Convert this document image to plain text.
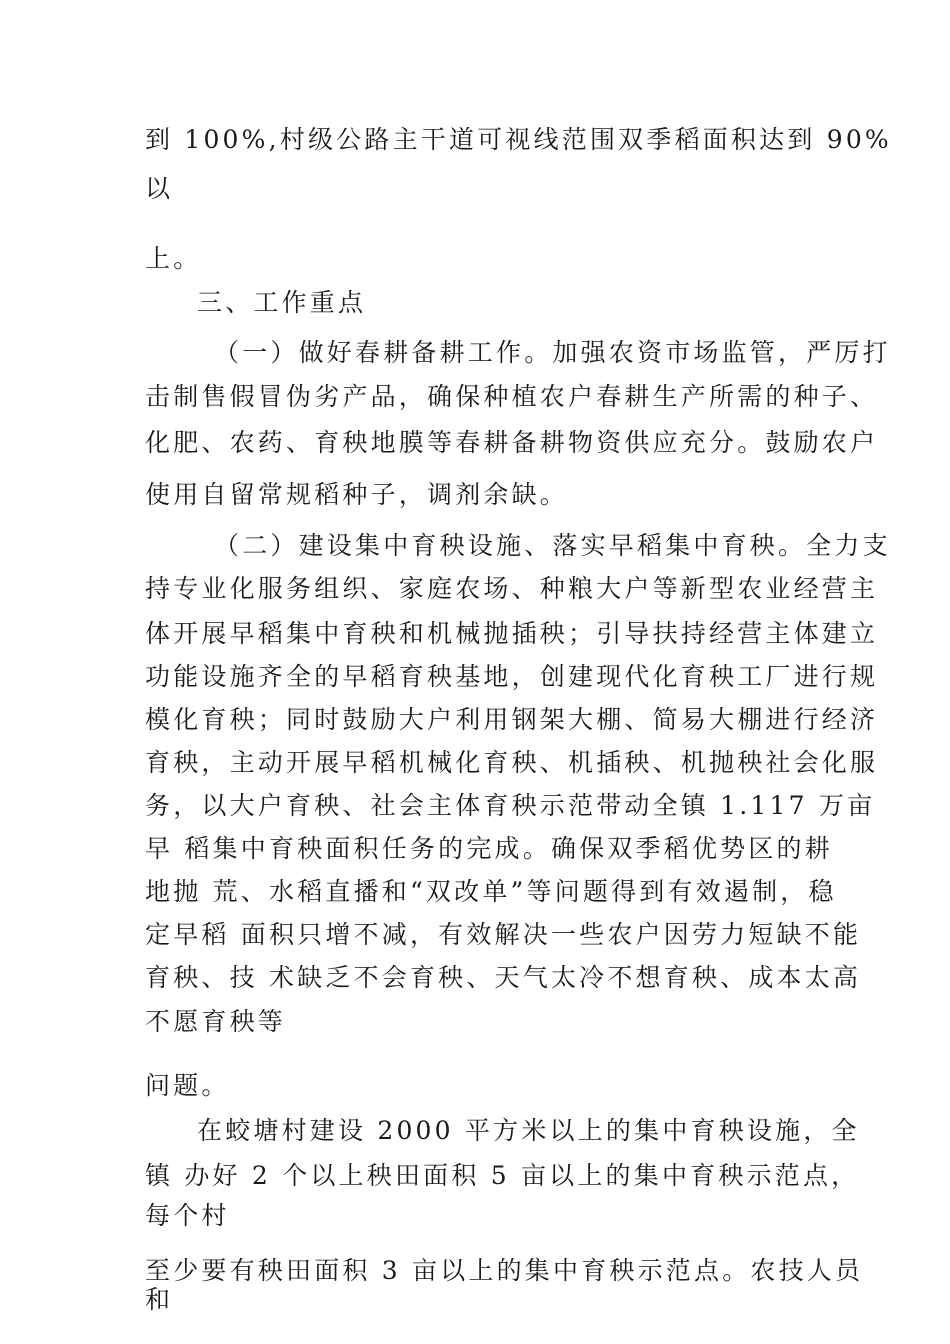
到 100%,村级公路主干道可视线范围双季稻面积达到 90%
以
上。
三、工作重点
（一）做好春耕备耕工作。加强农资市场监管，严厉打
击制售假冒伪劣产品，确保种植农户春耕生产所需的种子、
化肥、农药、育秧地膜等春耕备耕物资供应充分。鼓励农户
使用自留常规稻种子，调剂余缺。
（二）建设集中育秧设施、落实早稻集中育秧。全力支
持专业化服务组织、家庭农场、种粮大户等新型农业经营主
体开展早稻集中育秧和机械抛插秧；引导扶持经营主体建立
功能设施齐全的早稻育秧基地，创建现代化育秧工厂进行规
模化育秧；同时鼓励大户利用钢架大棚、简易大棚进行经济
育秧，主动开展早稻机械化育秧、机插秧、机抛秧社会化服
务，以大户育秧、社会主体育秧示范带动全镇 1.117 万亩
早 稻集中育秧面积任务的完成。确保双季稻优势区的耕
地抛 荒、水稻直播和“双改单”等问题得到有效遏制，稳
定早稻 面积只增不减，有效解决一些农户因劳力短缺不能
育秧、技 术缺乏不会育秧、天气太冷不想育秧、成本太高
不愿育秧等
问题。
在蛟塘村建设 2000 平方米以上的集中育秧设施，全
镇 办好 2 个以上秧田面积 5 亩以上的集中育秧示范点，
每个村
至少要有秧田面积 3 亩以上的集中育秧示范点。农技人员
和
